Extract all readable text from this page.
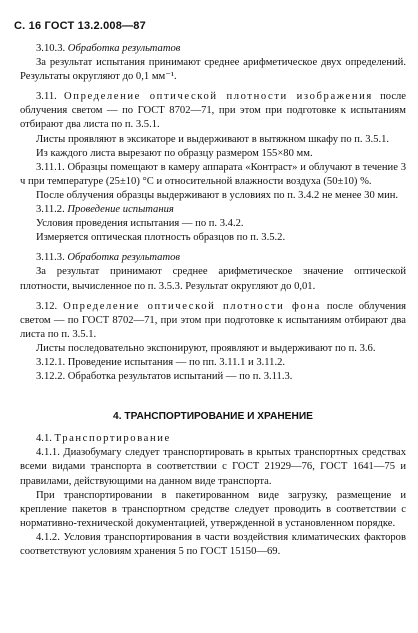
С. 16 ГОСТ 13.2.008—87

3.10.3. Обработка результатов

За результат испытания принимают среднее арифметическое двух определений. Результаты округляют до 0,1 мм⁻¹.

3.11. Определение оптической плотности изображения после облучения светом — по ГОСТ 8702—71, при этом при подготовке к испытаниям отбирают два листа по п. 3.5.1.

Листы проявляют в эксикаторе и выдерживают в вытяжном шкафу по п. 3.5.1.

Из каждого листа вырезают по образцу размером 155×80 мм.

3.11.1. Образцы помещают в камеру аппарата «Контраст» и облучают в течение 3 ч при температуре (25±10) °C и относительной влажности воздуха (50±10) %.

После облучения образцы выдерживают в условиях по п. 3.4.2 не менее 30 мин.

3.11.2. Проведение испытания

Условия проведения испытания — по п. 3.4.2.

Измеряется оптическая плотность образцов по п. 3.5.2.

3.11.3. Обработка результатов

За результат принимают среднее арифметическое значение оптической плотности, вычисленное по п. 3.5.3. Результат округляют до 0,01.

3.12. Определение оптической плотности фона после облучения светом — по ГОСТ 8702—71, при этом при подготовке к испытаниям отбирают два листа по п. 3.5.1.

Листы последовательно экспонируют, проявляют и выдерживают по п. 3.6.

3.12.1. Проведение испытания — по пп. 3.11.1 и 3.11.2.

3.12.2. Обработка результатов испытаний — по п. 3.11.3.

4. ТРАНСПОРТИРОВАНИЕ И ХРАНЕНИЕ

4.1. Транспортирование

4.1.1. Диазобумагу следует транспортировать в крытых транспортных средствах всеми видами транспорта в соответствии с ГОСТ 21929—76, ГОСТ 1641—75 и правилами, действующими на данном виде транспорта.

При транспортировании в пакетированном виде загрузку, размещение и крепление пакетов в транспортном средстве следует проводить в соответствии с нормативно-технической документацией, утвержденной в установленном порядке.

4.1.2. Условия транспортирования в части воздействия климатических факторов соответствуют условиям хранения 5 по ГОСТ 15150—69.
